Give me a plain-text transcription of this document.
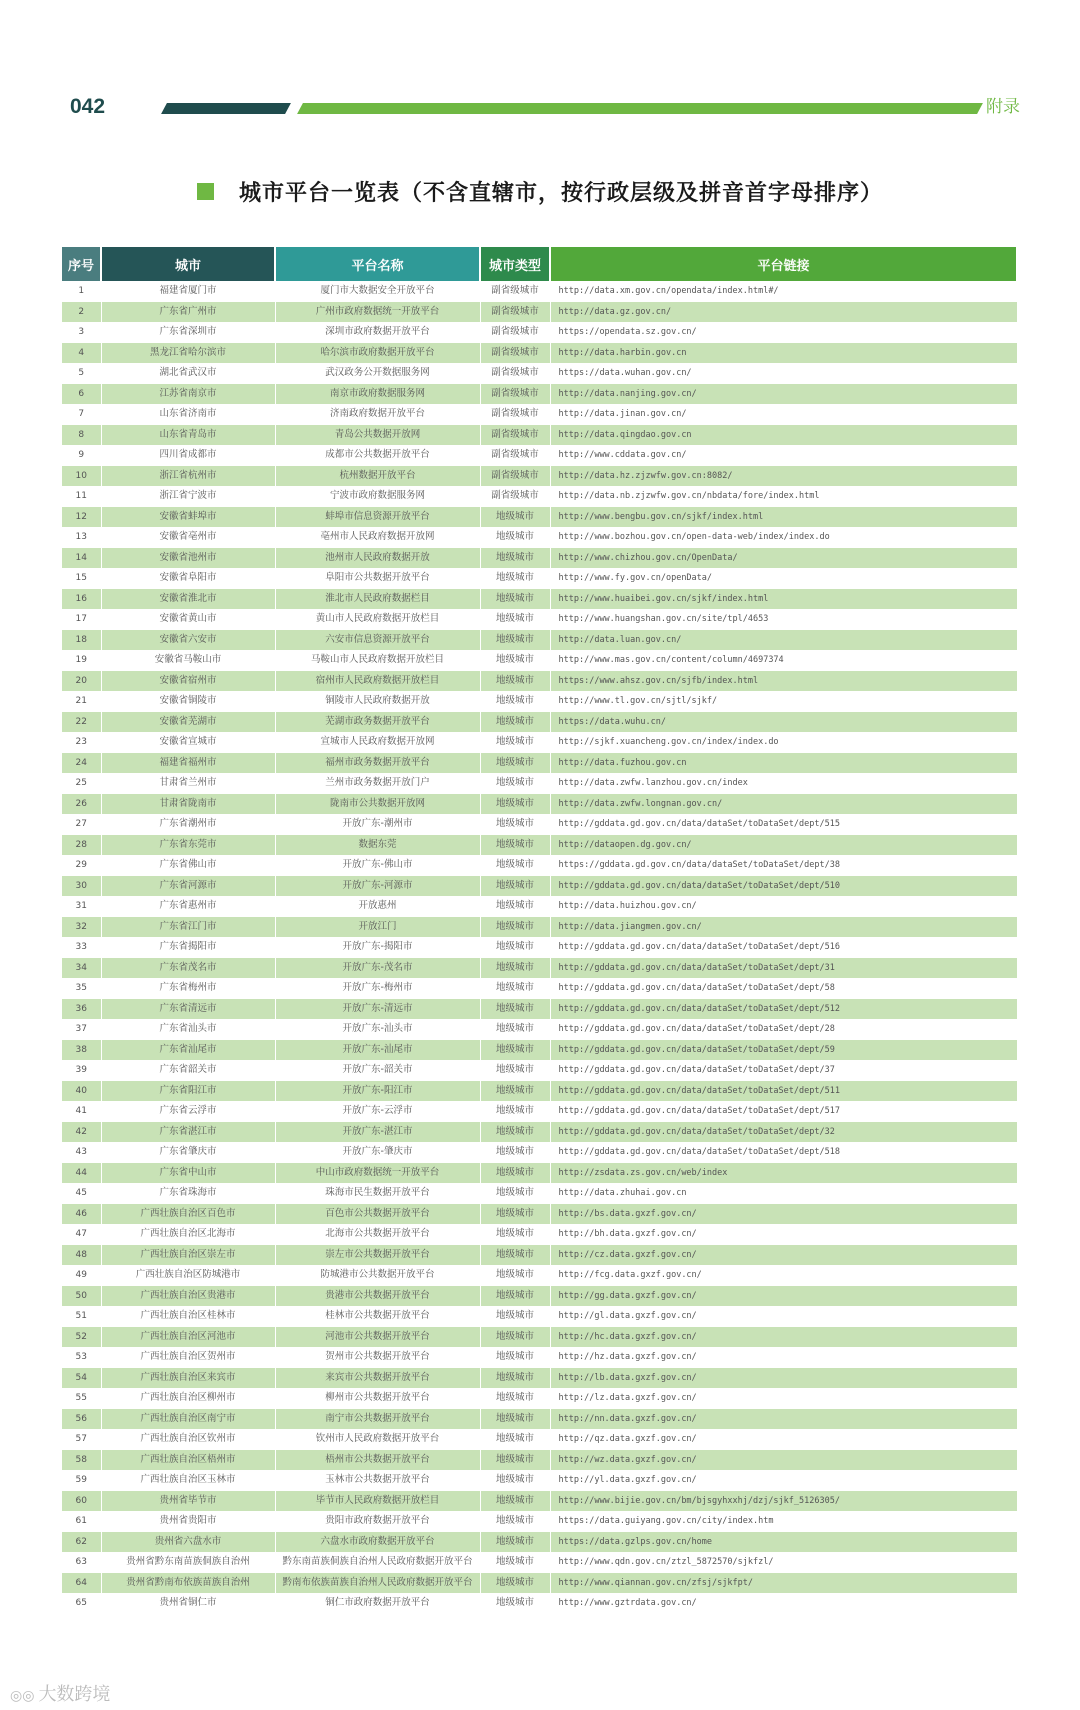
042	附录
城市平台一览表（不含直辖市，按行政层级及拼音首字母排序）
序号	城市	平台名称	城市类型	平台链接
1	福建省厦门市	厦门市大数据安全开放平台	副省级城市	http://data.xm.gov.cn/opendata/index.html#/
2	广东省广州市	广州市政府数据统一开放平台	副省级城市	http://data.gz.gov.cn/
3	广东省深圳市	深圳市政府数据开放平台	副省级城市	https://opendata.sz.gov.cn/
4	黑龙江省哈尔滨市	哈尔滨市政府数据开放平台	副省级城市	http://data.harbin.gov.cn
5	湖北省武汉市	武汉政务公开数据服务网	副省级城市	https://data.wuhan.gov.cn/
6	江苏省南京市	南京市政府数据服务网	副省级城市	http://data.nanjing.gov.cn/
7	山东省济南市	济南政府数据开放平台	副省级城市	http://data.jinan.gov.cn/
8	山东省青岛市	青岛公共数据开放网	副省级城市	http://data.qingdao.gov.cn
9	四川省成都市	成都市公共数据开放平台	副省级城市	http://www.cddata.gov.cn/
10	浙江省杭州市	杭州数据开放平台	副省级城市	http://data.hz.zjzwfw.gov.cn:8082/
11	浙江省宁波市	宁波市政府数据服务网	副省级城市	http://data.nb.zjzwfw.gov.cn/nbdata/fore/index.html
12	安徽省蚌埠市	蚌埠市信息资源开放平台	地级城市	http://www.bengbu.gov.cn/sjkf/index.html
13	安徽省亳州市	亳州市人民政府数据开放网	地级城市	http://www.bozhou.gov.cn/open-data-web/index/index.do
14	安徽省池州市	池州市人民政府数据开放	地级城市	http://www.chizhou.gov.cn/OpenData/
15	安徽省阜阳市	阜阳市公共数据开放平台	地级城市	http://www.fy.gov.cn/openData/
16	安徽省淮北市	淮北市人民政府数据栏目	地级城市	http://www.huaibei.gov.cn/sjkf/index.html
17	安徽省黄山市	黄山市人民政府数据开放栏目	地级城市	http://www.huangshan.gov.cn/site/tpl/4653
18	安徽省六安市	六安市信息资源开放平台	地级城市	http://data.luan.gov.cn/
19	安徽省马鞍山市	马鞍山市人民政府数据开放栏目	地级城市	http://www.mas.gov.cn/content/column/4697374
20	安徽省宿州市	宿州市人民政府数据开放栏目	地级城市	https://www.ahsz.gov.cn/sjfb/index.html
21	安徽省铜陵市	铜陵市人民政府数据开放	地级城市	http://www.tl.gov.cn/sjtl/sjkf/
22	安徽省芜湖市	芜湖市政务数据开放平台	地级城市	https://data.wuhu.cn/
23	安徽省宣城市	宣城市人民政府数据开放网	地级城市	http://sjkf.xuancheng.gov.cn/index/index.do
24	福建省福州市	福州市政务数据开放平台	地级城市	http://data.fuzhou.gov.cn
25	甘肃省兰州市	兰州市政务数据开放门户	地级城市	http://data.zwfw.lanzhou.gov.cn/index
26	甘肃省陇南市	陇南市公共数据开放网	地级城市	http://data.zwfw.longnan.gov.cn/
27	广东省潮州市	开放广东-潮州市	地级城市	http://gddata.gd.gov.cn/data/dataSet/toDataSet/dept/515
28	广东省东莞市	数据东莞	地级城市	http://dataopen.dg.gov.cn/
29	广东省佛山市	开放广东-佛山市	地级城市	https://gddata.gd.gov.cn/data/dataSet/toDataSet/dept/38
30	广东省河源市	开放广东-河源市	地级城市	http://gddata.gd.gov.cn/data/dataSet/toDataSet/dept/510
31	广东省惠州市	开放惠州	地级城市	http://data.huizhou.gov.cn/
32	广东省江门市	开放江门	地级城市	http://data.jiangmen.gov.cn/
33	广东省揭阳市	开放广东-揭阳市	地级城市	http://gddata.gd.gov.cn/data/dataSet/toDataSet/dept/516
34	广东省茂名市	开放广东-茂名市	地级城市	http://gddata.gd.gov.cn/data/dataSet/toDataSet/dept/31
35	广东省梅州市	开放广东-梅州市	地级城市	http://gddata.gd.gov.cn/data/dataSet/toDataSet/dept/58
36	广东省清远市	开放广东-清远市	地级城市	http://gddata.gd.gov.cn/data/dataSet/toDataSet/dept/512
37	广东省汕头市	开放广东-汕头市	地级城市	http://gddata.gd.gov.cn/data/dataSet/toDataSet/dept/28
38	广东省汕尾市	开放广东-汕尾市	地级城市	http://gddata.gd.gov.cn/data/dataSet/toDataSet/dept/59
39	广东省韶关市	开放广东-韶关市	地级城市	http://gddata.gd.gov.cn/data/dataSet/toDataSet/dept/37
40	广东省阳江市	开放广东-阳江市	地级城市	http://gddata.gd.gov.cn/data/dataSet/toDataSet/dept/511
41	广东省云浮市	开放广东-云浮市	地级城市	http://gddata.gd.gov.cn/data/dataSet/toDataSet/dept/517
42	广东省湛江市	开放广东-湛江市	地级城市	http://gddata.gd.gov.cn/data/dataSet/toDataSet/dept/32
43	广东省肇庆市	开放广东-肇庆市	地级城市	http://gddata.gd.gov.cn/data/dataSet/toDataSet/dept/518
44	广东省中山市	中山市政府数据统一开放平台	地级城市	http://zsdata.zs.gov.cn/web/index
45	广东省珠海市	珠海市民生数据开放平台	地级城市	http://data.zhuhai.gov.cn
46	广西壮族自治区百色市	百色市公共数据开放平台	地级城市	http://bs.data.gxzf.gov.cn/
47	广西壮族自治区北海市	北海市公共数据开放平台	地级城市	http://bh.data.gxzf.gov.cn/
48	广西壮族自治区崇左市	崇左市公共数据开放平台	地级城市	http://cz.data.gxzf.gov.cn/
49	广西壮族自治区防城港市	防城港市公共数据开放平台	地级城市	http://fcg.data.gxzf.gov.cn/
50	广西壮族自治区贵港市	贵港市公共数据开放平台	地级城市	http://gg.data.gxzf.gov.cn/
51	广西壮族自治区桂林市	桂林市公共数据开放平台	地级城市	http://gl.data.gxzf.gov.cn/
52	广西壮族自治区河池市	河池市公共数据开放平台	地级城市	http://hc.data.gxzf.gov.cn/
53	广西壮族自治区贺州市	贺州市公共数据开放平台	地级城市	http://hz.data.gxzf.gov.cn/
54	广西壮族自治区来宾市	来宾市公共数据开放平台	地级城市	http://lb.data.gxzf.gov.cn/
55	广西壮族自治区柳州市	柳州市公共数据开放平台	地级城市	http://lz.data.gxzf.gov.cn/
56	广西壮族自治区南宁市	南宁市公共数据开放平台	地级城市	http://nn.data.gxzf.gov.cn/
57	广西壮族自治区钦州市	钦州市人民政府数据开放平台	地级城市	http://qz.data.gxzf.gov.cn/
58	广西壮族自治区梧州市	梧州市公共数据开放平台	地级城市	http://wz.data.gxzf.gov.cn/
59	广西壮族自治区玉林市	玉林市公共数据开放平台	地级城市	http://yl.data.gxzf.gov.cn/
60	贵州省毕节市	毕节市人民政府数据开放栏目	地级城市	http://www.bijie.gov.cn/bm/bjsgyhxxhj/dzj/sjkf_5126305/
61	贵州省贵阳市	贵阳市政府数据开放平台	地级城市	https://data.guiyang.gov.cn/city/index.htm
62	贵州省六盘水市	六盘水市政府数据开放平台	地级城市	https://data.gzlps.gov.cn/home
63	贵州省黔东南苗族侗族自治州	黔东南苗族侗族自治州人民政府数据开放平台	地级城市	http://www.qdn.gov.cn/ztzl_5872570/sjkfzl/
64	贵州省黔南布依族苗族自治州	黔南布依族苗族自治州人民政府数据开放平台	地级城市	http://www.qiannan.gov.cn/zfsj/sjkfpt/
65	贵州省铜仁市	铜仁市政府数据开放平台	地级城市	http://www.gztrdata.gov.cn/
◎◎ 大数跨境
